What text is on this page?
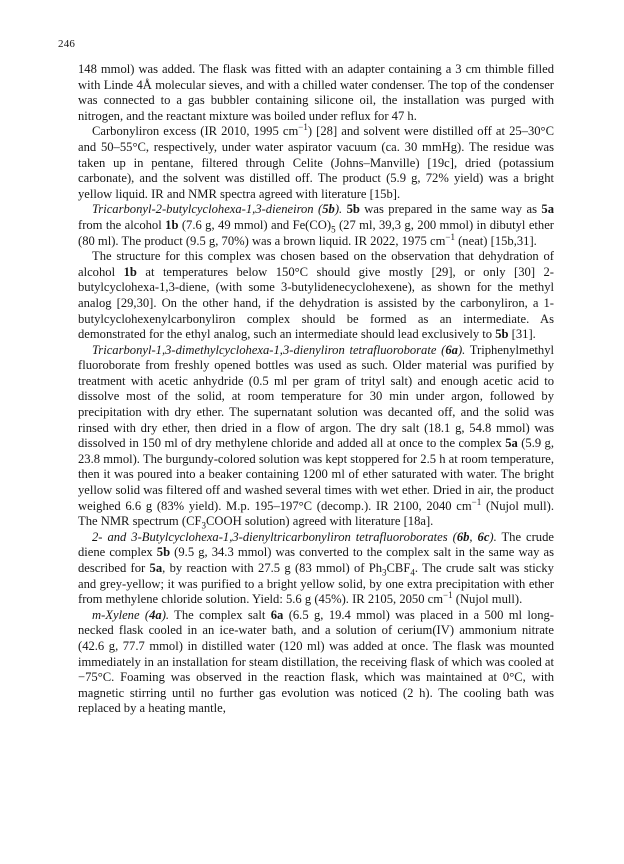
246

148 mmol) was added. The flask was fitted with an adapter containing a 3 cm thimble filled with Linde 4Å molecular sieves, and with a chilled water condenser. The top of the condenser was connected to a gas bubbler containing silicone oil, the installation was purged with nitrogen, and the reactant mixture was boiled under reflux for 47 h.

Carbonyliron excess (IR 2010, 1995 $cm^{-1}$) [28] and solvent were distilled off at 25–30°C and 50–55°C, respectively, under water aspirator vacuum (ca. 30 mmHg). The residue was taken up in pentane, filtered through Celite (Johns–Manville) [19c], dried (potassium carbonate), and the solvent was distilled off. The product (5.9 g, 72% yield) was a bright yellow liquid. IR and NMR spectra agreed with literature [15b].

Tricarbonyl-2-butylcyclohexa-1,3-dieneiron (5b). 5b was prepared in the same way as 5a from the alcohol 1b (7.6 g, 49 mmol) and $Fe(CO)_5$ (27 ml, 39,3 g, 200 mmol) in dibutyl ether (80 ml). The product (9.5 g, 70%) was a brown liquid. IR 2022, 1975 $cm^{-1}$ (neat) [15b,31].

The structure for this complex was chosen based on the observation that dehydration of alcohol 1b at temperatures below 150°C should give mostly [29], or only [30] 2-butylcyclohexa-1,3-diene, (with some 3-butylidenecyclohexene), as shown for the methyl analog [29,30]. On the other hand, if the dehydration is assisted by the carbonyliron, a 1-butylcyclohexenylcarbonyliron complex should be formed as an intermediate. As demonstrated for the ethyl analog, such an intermediate should lead exclusively to 5b [31].

Tricarbonyl-1,3-dimethylcyclohexa-1,3-dienyliron tetrafluoroborate (6a). Triphenylmethyl fluoroborate from freshly opened bottles was used as such. Older material was purified by treatment with acetic anhydride (0.5 ml per gram of trityl salt) and enough acetic acid to dissolve most of the solid, at room temperature for 30 min under argon, followed by precipitation with dry ether. The supernatant solution was decanted off, and the solid was rinsed with dry ether, then dried in a flow of argon. The dry salt (18.1 g, 54.8 mmol) was dissolved in 150 ml of dry methylene chloride and added all at once to the complex 5a (5.9 g, 23.8 mmol). The burgundy-colored solution was kept stoppered for 2.5 h at room temperature, then it was poured into a beaker containing 1200 ml of ether saturated with water. The bright yellow solid was filtered off and washed several times with wet ether. Dried in air, the product weighed 6.6 g (83% yield). M.p. 195–197°C (decomp.). IR 2100, 2040 $cm^{-1}$ (Nujol mull). The NMR spectrum ($CF_3COOH$ solution) agreed with literature [18a].

2- and 3-Butylcyclohexa-1,3-dienyltricarbonyliron tetrafluoroborates (6b, 6c). The crude diene complex 5b (9.5 g, 34.3 mmol) was converted to the complex salt in the same way as described for 5a, by reaction with 27.5 g (83 mmol) of $Ph_3CBF_4$. The crude salt was sticky and grey-yellow; it was purified to a bright yellow solid, by one extra precipitation with ether from methylene chloride solution. Yield: 5.6 g (45%). IR 2105, 2050 $cm^{-1}$ (Nujol mull).

m-Xylene (4a). The complex salt 6a (6.5 g, 19.4 mmol) was placed in a 500 ml long-necked flask cooled in an ice-water bath, and a solution of cerium(IV) ammonium nitrate (42.6 g, 77.7 mmol) in distilled water (120 ml) was added at once. The flask was mounted immediately in an installation for steam distillation, the receiving flask of which was cooled at −75°C. Foaming was observed in the reaction flask, which was maintained at 0°C, with magnetic stirring until no further gas evolution was noticed (2 h). The cooling bath was replaced by a heating mantle,
